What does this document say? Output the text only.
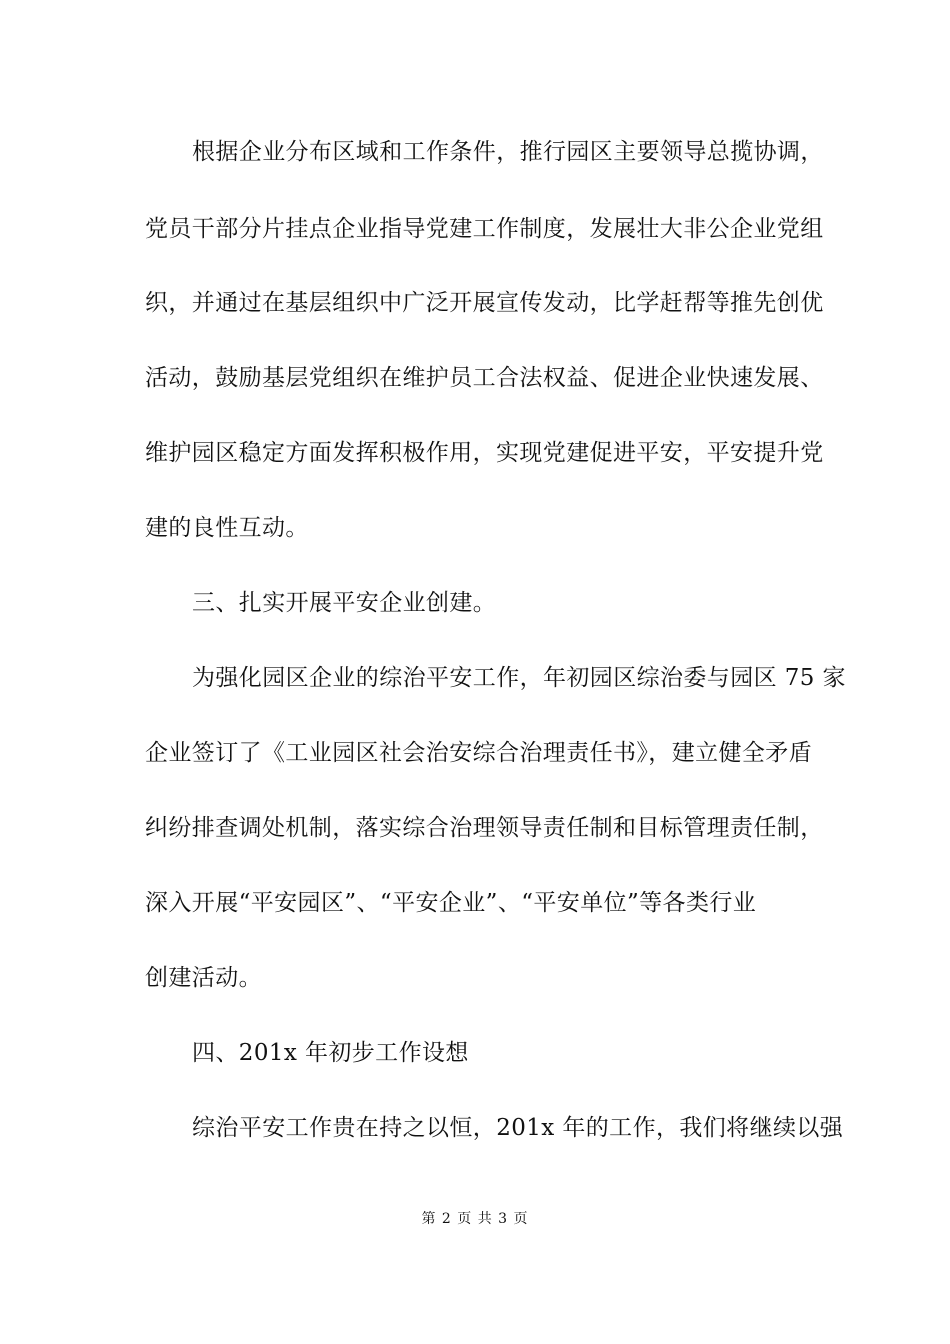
根据企业分布区域和工作条件，推行园区主要领导总揽协调，
党员干部分片挂点企业指导党建工作制度，发展壮大非公企业党组
织，并通过在基层组织中广泛开展宣传发动，比学赶帮等推先创优
活动，鼓励基层党组织在维护员工合法权益、促进企业快速发展、
维护园区稳定方面发挥积极作用，实现党建促进平安，平安提升党
建的良性互动。
三、扎实开展平安企业创建。
为强化园区企业的综治平安工作，年初园区综治委与园区 75 家
企业签订了《工业园区社会治安综合治理责任书》，建立健全矛盾
纠纷排查调处机制，落实综合治理领导责任制和目标管理责任制，
深入开展“平安园区”、“平安企业”、“平安单位”等各类行业
创建活动。
四、201x 年初步工作设想
综治平安工作贵在持之以恒，201x 年的工作，我们将继续以强
第 2 页 共 3 页
